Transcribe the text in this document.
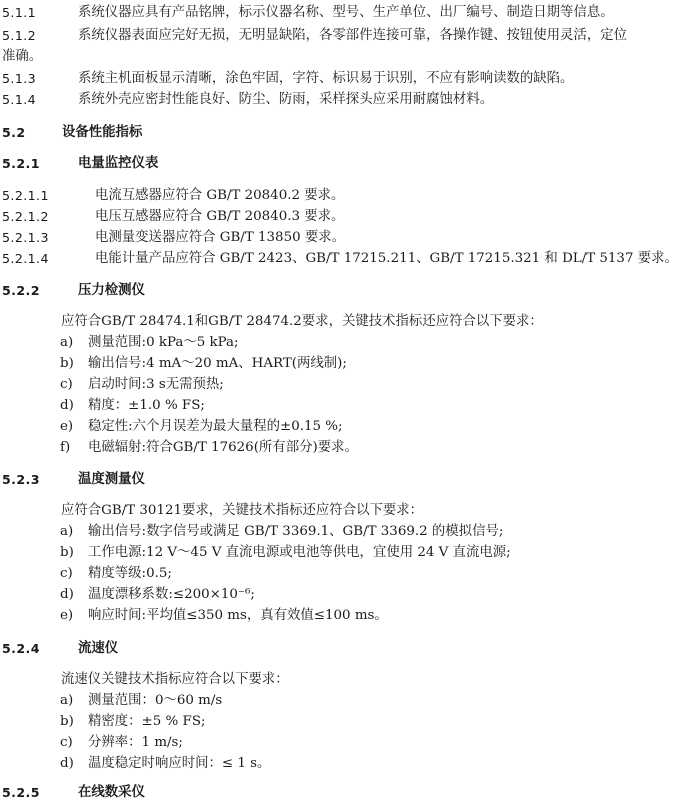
5.1.1	系统仪器应具有产品铭牌，标示仪器名称、型号、生产单位、出厂编号、制造日期等信息。
5.1.2	系统仪器表面应完好无损，无明显缺陷，各零部件连接可靠，各操作键、按钮使用灵活，定位
准确。
5.1.3	系统主机面板显示清晰，涂色牢固，字符、标识易于识别，不应有影响读数的缺陷。
5.1.4	系统外壳应密封性能良好、防尘、防雨，采样探头应采用耐腐蚀材料。
5.2	设备性能指标
5.2.1	电量监控仪表
5.2.1.1	电流互感器应符合 GB/T 20840.2 要求。
5.2.1.2	电压互感器应符合 GB/T 20840.3 要求。
5.2.1.3	电测量变送器应符合 GB/T 13850 要求。
5.2.1.4	电能计量产品应符合 GB/T 2423、GB/T 17215.211、GB/T 17215.321 和 DL/T 5137 要求。
5.2.2	压力检测仪
应符合GB/T 28474.1和GB/T 28474.2要求，关键技术指标还应符合以下要求：
a) 测量范围:0 kPa～5 kPa;
b) 输出信号:4 mA～20 mA、HART(两线制);
c) 启动时间:3 s无需预热;
d) 精度：±1.0 % FS;
e) 稳定性:六个月误差为最大量程的±0.15 %;
f) 电磁辐射:符合GB/T 17626(所有部分)要求。
5.2.3	温度测量仪
应符合GB/T 30121要求，关键技术指标还应符合以下要求：
a) 输出信号:数字信号或满足 GB/T 3369.1、GB/T 3369.2 的模拟信号;
b) 工作电源:12 V～45 V 直流电源或电池等供电，宜使用 24 V 直流电源;
c) 精度等级:0.5;
d) 温度漂移系数:≤200×10⁻⁶;
e) 响应时间:平均值≤350 ms，真有效值≤100 ms。
5.2.4	流速仪
流速仪关键技术指标应符合以下要求：
a) 测量范围：0～60 m/s
b) 精密度：±5 % FS;
c) 分辨率：1 m/s;
d) 温度稳定时响应时间：≤ 1 s。
5.2.5	在线数采仪
